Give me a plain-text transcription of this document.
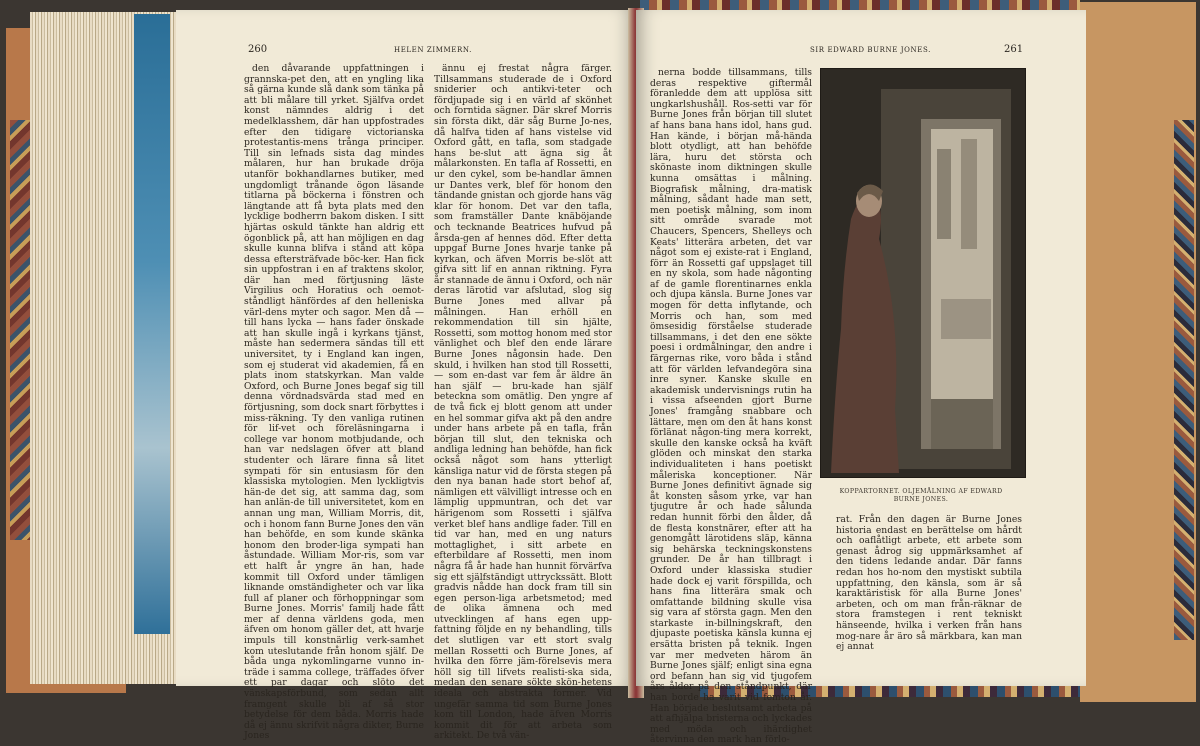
260	HELEN ZIMMERN.

den dåvarande uppfattningen i grannska-pet den, att en yngling lika så gärna kunde slå dank som tänka på att bli målare till yrket. Själfva ordet konst nämndes aldrig i det medelklasshem, där han uppfostrades efter den tidigare victorianska protestantis-mens trånga principer. Till sin lefnads sista dag mindes målaren, hur han brukade dröja utanför bokhandlarnes butiker, med ungdomligt trånande ögon läsande titlarna på böckerna i fönstren och längtande att få byta plats med den lycklige bodherrn bakom disken. I sitt hjärtas oskuld tänkte han aldrig ett ögonblick på, att han möjligen en dag skulle kunna blifva i stånd att köpa dessa eftersträfvade böc-ker. Han fick sin uppfostran i en af traktens skolor, där han med förtjusning läste Virgilius och Horatius och oemot-ståndligt hänfördes af den helleniska värl-dens myter och sagor. Men då — till hans lycka — hans fader önskade att han skulle ingå i kyrkans tjänst, måste han sedermera sändas till ett universitet, ty i England kan ingen, som ej studerat vid akademien, få en plats inom statskyrkan. Man valde Oxford, och Burne Jones begaf sig till denna vördnadsvärda stad med en förtjusning, som dock snart förbyttes i miss-räkning. Ty den vanliga rutinen för lif-vet och föreläsningarna i college var honom motbjudande, och han var nedslagen öfver att bland studenter och lärare finna så litet sympati för sin entusiasm för den klassiska mytologien. Men lyckligtvis hän-de det sig, att samma dag, som han anlän-de till universitetet, kom en annan ung man, William Morris, dit, och i honom fann Burne Jones den vän han behöfde, en som kunde skänka honom den broder-liga sympati han åstundade. William Mor-ris, som var ett halft år yngre än han, hade kommit till Oxford under tämligen liknande omständigheter och var lika full af planer och förhoppningar som Burne Jones. Morris' familj hade fått mer af denna världens goda, men äfven om honom gäller det, att hvarje impuls till konstnärlig verk-samhet kom uteslutande från honom själf. De båda unga nykomlingarne vunno in-träde i samma college, träffades öfver ett par dagar och slöto det vänskapsförbund, som sedan allt framgent skulle bli af så stor betydelse för dem båda. Morris hade då ej ännu skrifvit några dikter, Burne Jones

ännu ej frestat några färger. Tillsammans studerade de i Oxford sniderier och antikvi-teter och fördjupade sig i en värld af skönhet och forntida sägner. Där skref Morris sin första dikt, där såg Burne Jo-nes, då halfva tiden af hans vistelse vid Oxford gått, en tafla, som stadgade hans be-slut att ägna sig åt målarkonsten. En tafla af Rossetti, en ur den cykel, som be-handlar ämnen ur Dantes verk, blef för honom den tändande gnistan och gjorde hans väg klar för honom. Det var den tafla, som framställer Dante knäböjande och tecknande Beatrices hufvud på årsda-gen af hennes död. Efter detta uppgaf Burne Jones hvarje tanke på kyrkan, och äfven Morris be-slöt att gifva sitt lif en annan riktning. Fyra år stannade de ännu i Oxford, och när deras lärotid var afslutad, slog sig Burne Jones med allvar på målningen. Han erhöll en rekommendation till sin hjälte, Rossetti, som mottog honom med stor vänlighet och blef den ende lärare Burne Jones någonsin hade. Den skuld, i hvilken han stod till Rossetti, — som en-dast var fem år äldre än han själf — bru-kade han själf beteckna som omätlig. Den yngre af de två fick ej blott genom att under en hel sommar gifva akt på den andre under hans arbete på en tafla, från början till slut, den tekniska och andliga ledning han behöfde, han fick också något som hans ytterligt känsliga natur vid de första stegen på den nya banan hade stort behof af, nämligen ett välvilligt intresse och en lämplig uppmuntran, och det var härigenom som Rossetti i själfva verket blef hans andlige fader. Till en tid var han, med en ung naturs mottaglighet, i sitt arbete en efterbildare af Rossetti, men inom några få år hade han hunnit förvärfva sig ett själfständigt uttryckssätt. Blott gradvis nådde han dock fram till sin egen person-liga arbetsmetod; med de olika ämnena och med utvecklingen af hans egen upp-fattning följde en ny behandling, tills det slutligen var ett stort svalg mellan Rossetti och Burne Jones, af hvilka den förre jäm-förelsevis mera höll sig till lifvets realisti-ska sida, medan den senare sökte skön-hetens ideala och abstrakta former. Vid ungefär samma tid som Burne Jones kom till London, hade äfven Morris kommit dit för att arbeta som arkitekt. De två vän-

SIR EDWARD BURNE JONES.	261

nerna bodde tillsammans, tills deras respektive giftermål föranledde dem att upplösa sitt ungkarlshushåll. Ros-setti var för Burne Jones från början till slutet af hans bana hans idol, hans gud. Han kände, i början må-hända blott otydligt, att han behöfde lära, huru det största och skönaste inom diktningen skulle kunna omsättas i målning. Biografisk målning, dra-matisk målning, sådant hade man sett, men poetisk målning, som inom sitt område svarade mot Chaucers, Spencers, Shelleys och Keats' litterära arbeten, det var något som ej existe-rat i England, förr än Rossetti gaf uppslaget till en ny skola, som hade någonting af de gamle florentinarnes enkla och djupa känsla. Burne Jones var mogen för detta inflytande, och Morris och han, som med ömsesidig förståelse studerade tillsammans, i det den ene sökte poesi i ordmålningar, den andre i färgernas rike, voro båda i stånd att för världen lefvandegöra sina inre syner. Kanske skulle en akademisk undervisnings rutin ha i vissa afseenden gjort Burne Jones' framgång snabbare och lättare, men om den åt hans konst förlänat någon-ting mera korrekt, skulle den kanske också ha kväft glöden och minskat den starka individualiteten i hans poetiskt måleriska konceptioner. När Burne Jones definitivt ägnade sig åt konsten såsom yrke, var han tjugutre år och hade sålunda redan hunnit förbi den ålder, då de flesta konstnärer, efter att ha genomgått lärotidens släp, känna sig behärska teckningskonstens grunder. De år han tillbragt i Oxford under klassiska studier hade dock ej varit förspillda, och hans fina litterära smak och omfattande bildning skulle visa sig vara af största gagn. Men den starkaste in-billningskraft, den djupaste poetiska känsla kunna ej ersätta bristen på teknik. Ingen var mer medveten härom än Burne Jones själf; enligt sina egna ord befann han sig vid tjugofem års ålder på den ståndpunkt, där han borde ha varit vid femton år. Han började beslutsamt arbeta på att afhjälpa bristerna och lyckades med möda och ihärdighet återvinna den mark han förlo-

KOPPARTORNET. OLJEMÅLNING AF EDWARD
BURNE JONES.

rat. Från den dagen är Burne Jones historia endast en berättelse om hårdt och oaflåtligt arbete, ett arbete som genast ådrog sig uppmärksamhet af den tidens ledande andar. Där fanns redan hos ho-nom den mystiskt subtila uppfattning, den känsla, som är så karaktäristisk för alla Burne Jones' arbeten, och om man från-räknar de stora framstegen i rent tekniskt hänseende, hvilka i verken från hans mog-nare år äro så märkbara, kan man ej annat
